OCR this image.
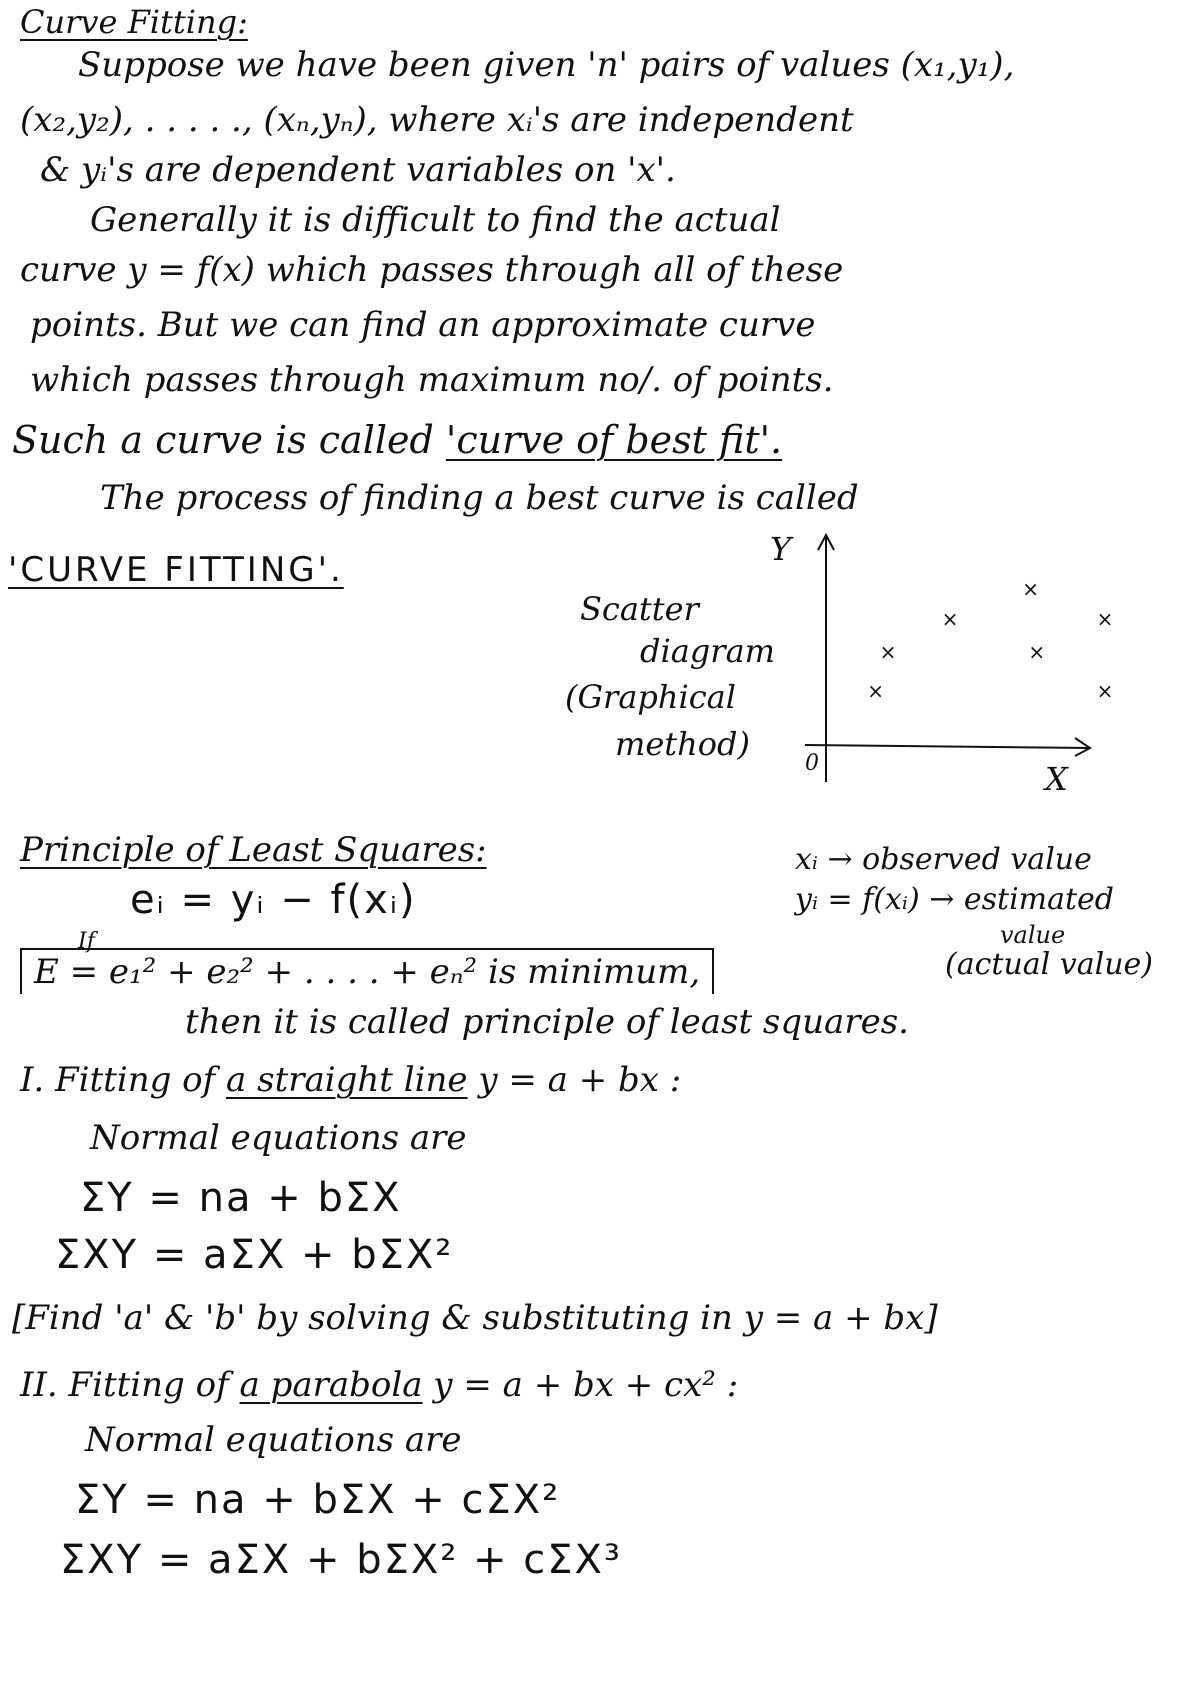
Curve Fitting:
Suppose we have been given 'n' pairs of values (x₁,y₁),
(x₂,y₂), . . . . ., (xₙ,yₙ), where xᵢ's are independent
& yᵢ's are dependent variables on 'x'.
Generally it is difficult to find the actual
curve y = f(x) which passes through all of these
points. But we can find an approximate curve
which passes through maximum no/. of points.
Such a curve is called 'curve of best fit'.
The process of finding a best curve is called
'CURVE FITTING'.
Scatter
diagram
(Graphical
method)
Y
X
0
×
×	×
×	×
×	×
Principle of Least Squares:	xᵢ → observed value
eᵢ = yᵢ − f(xᵢ)	yᵢ = f(xᵢ) → estimated
value
(actual value)
If
E = e₁² + e₂² + . . . . + eₙ² is minimum,
then it is called principle of least squares.
I. Fitting of a straight line y = a + bx :
Normal equations are
ΣY = na + bΣX
ΣXY = aΣX + bΣX²
[Find 'a' & 'b' by solving & substituting in y = a + bx]
II. Fitting of a parabola y = a + bx + cx² :
Normal equations are
ΣY = na + bΣX + cΣX²
ΣXY = aΣX + bΣX² + cΣX³
